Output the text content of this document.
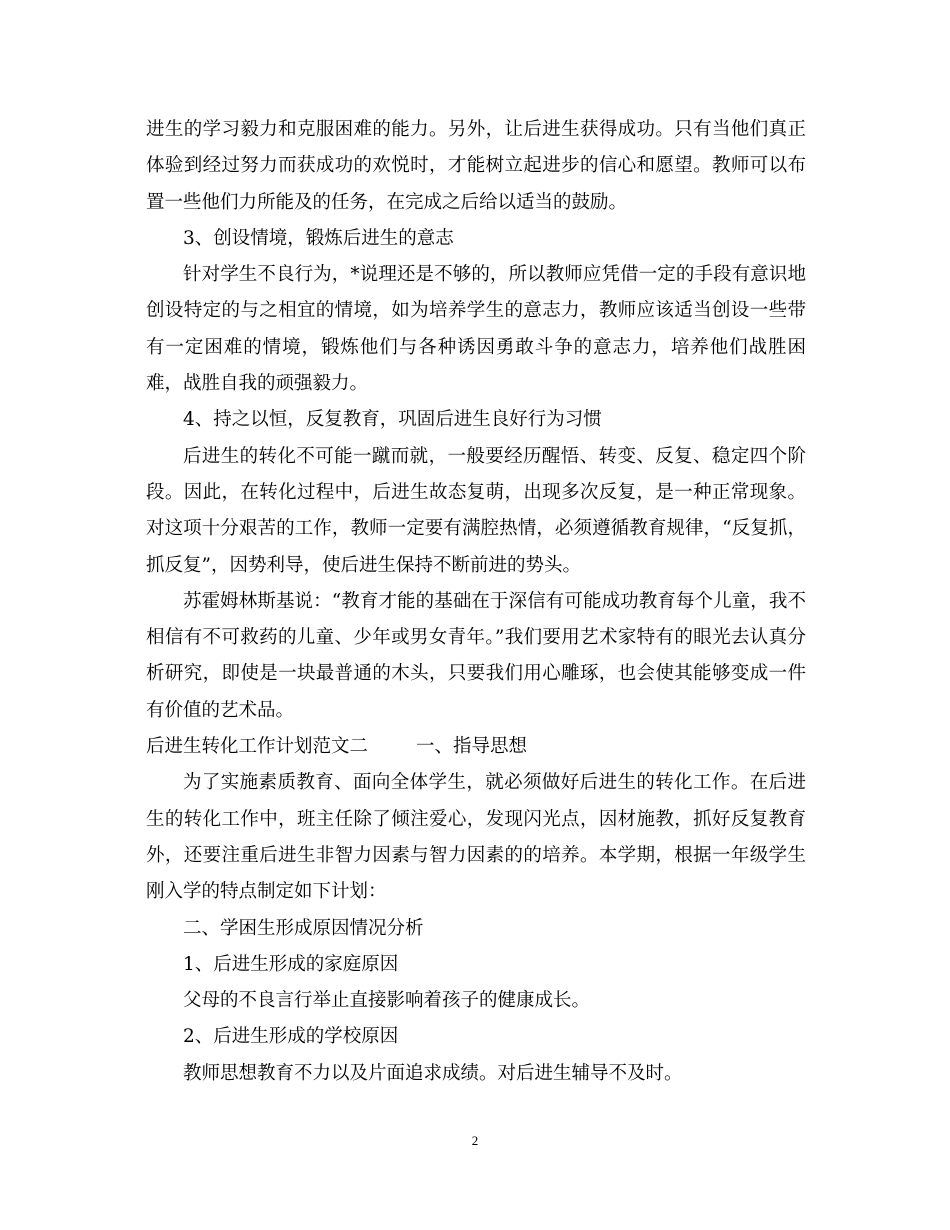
进生的学习毅力和克服困难的能力。另外，让后进生获得成功。只有当他们真正体验到经过努力而获成功的欢悦时，才能树立起进步的信心和愿望。教师可以布置一些他们力所能及的任务，在完成之后给以适当的鼓励。

3、创设情境，锻炼后进生的意志

针对学生不良行为，*说理还是不够的，所以教师应凭借一定的手段有意识地创设特定的与之相宜的情境，如为培养学生的意志力，教师应该适当创设一些带有一定困难的情境，锻炼他们与各种诱因勇敢斗争的意志力，培养他们战胜困难，战胜自我的顽强毅力。

4、持之以恒，反复教育，巩固后进生良好行为习惯

后进生的转化不可能一蹴而就，一般要经历醒悟、转变、反复、稳定四个阶段。因此，在转化过程中，后进生故态复萌，出现多次反复，是一种正常现象。对这项十分艰苦的工作，教师一定要有满腔热情，必须遵循教育规律，“反复抓，抓反复”，因势利导，使后进生保持不断前进的势头。

苏霍姆林斯基说：“教育才能的基础在于深信有可能成功教育每个儿童，我不相信有不可救药的儿童、少年或男女青年。”我们要用艺术家特有的眼光去认真分析研究，即使是一块最普通的木头，只要我们用心雕琢，也会使其能够变成一件有价值的艺术品。

后进生转化工作计划范文二	一、指导思想

为了实施素质教育、面向全体学生，就必须做好后进生的转化工作。在后进生的转化工作中，班主任除了倾注爱心，发现闪光点，因材施教，抓好反复教育外，还要注重后进生非智力因素与智力因素的的培养。本学期，根据一年级学生刚入学的特点制定如下计划：

二、学困生形成原因情况分析

1、后进生形成的家庭原因

父母的不良言行举止直接影响着孩子的健康成长。

2、后进生形成的学校原因

教师思想教育不力以及片面追求成绩。对后进生辅导不及时。

2
